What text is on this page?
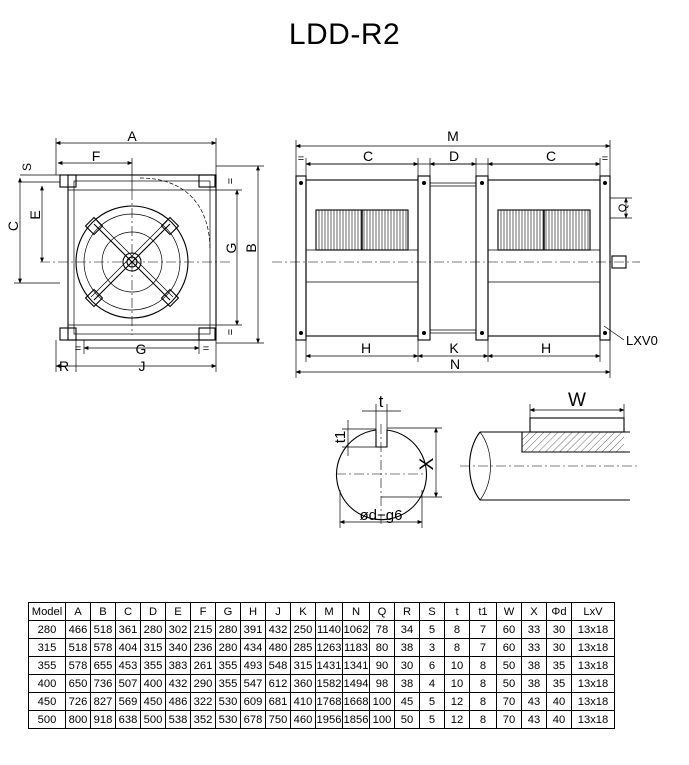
LDD-R2
A
F
S
C
E
G B
=
=
=	=
G
R	J
M
=	=
C	D	C
Q
H	K	H
N
LXV0
t
t1
X
ød−g6
W
Model	A	B	C	D	E	F	G	H	J	K	M	N	Q	R	S	t	t1	W	X	Φd	LxV
280	466	518	361	280	302	215	280	391	432	250	1140	1062	78	34	5	8	7	60	33	30	13x18
315	518	578	404	315	340	236	280	434	480	285	1263	1183	80	38	3	8	7	60	33	30	13x18
355	578	655	453	355	383	261	355	493	548	315	1431	1341	90	30	6	10	8	50	38	35	13x18
400	650	736	507	400	432	290	355	547	612	360	1582	1494	98	38	4	10	8	50	38	35	13x18
450	726	827	569	450	486	322	530	609	681	410	1768	1668	100	45	5	12	8	70	43	40	13x18
500	800	918	638	500	538	352	530	678	750	460	1956	1856	100	50	5	12	8	70	43	40	13x18
